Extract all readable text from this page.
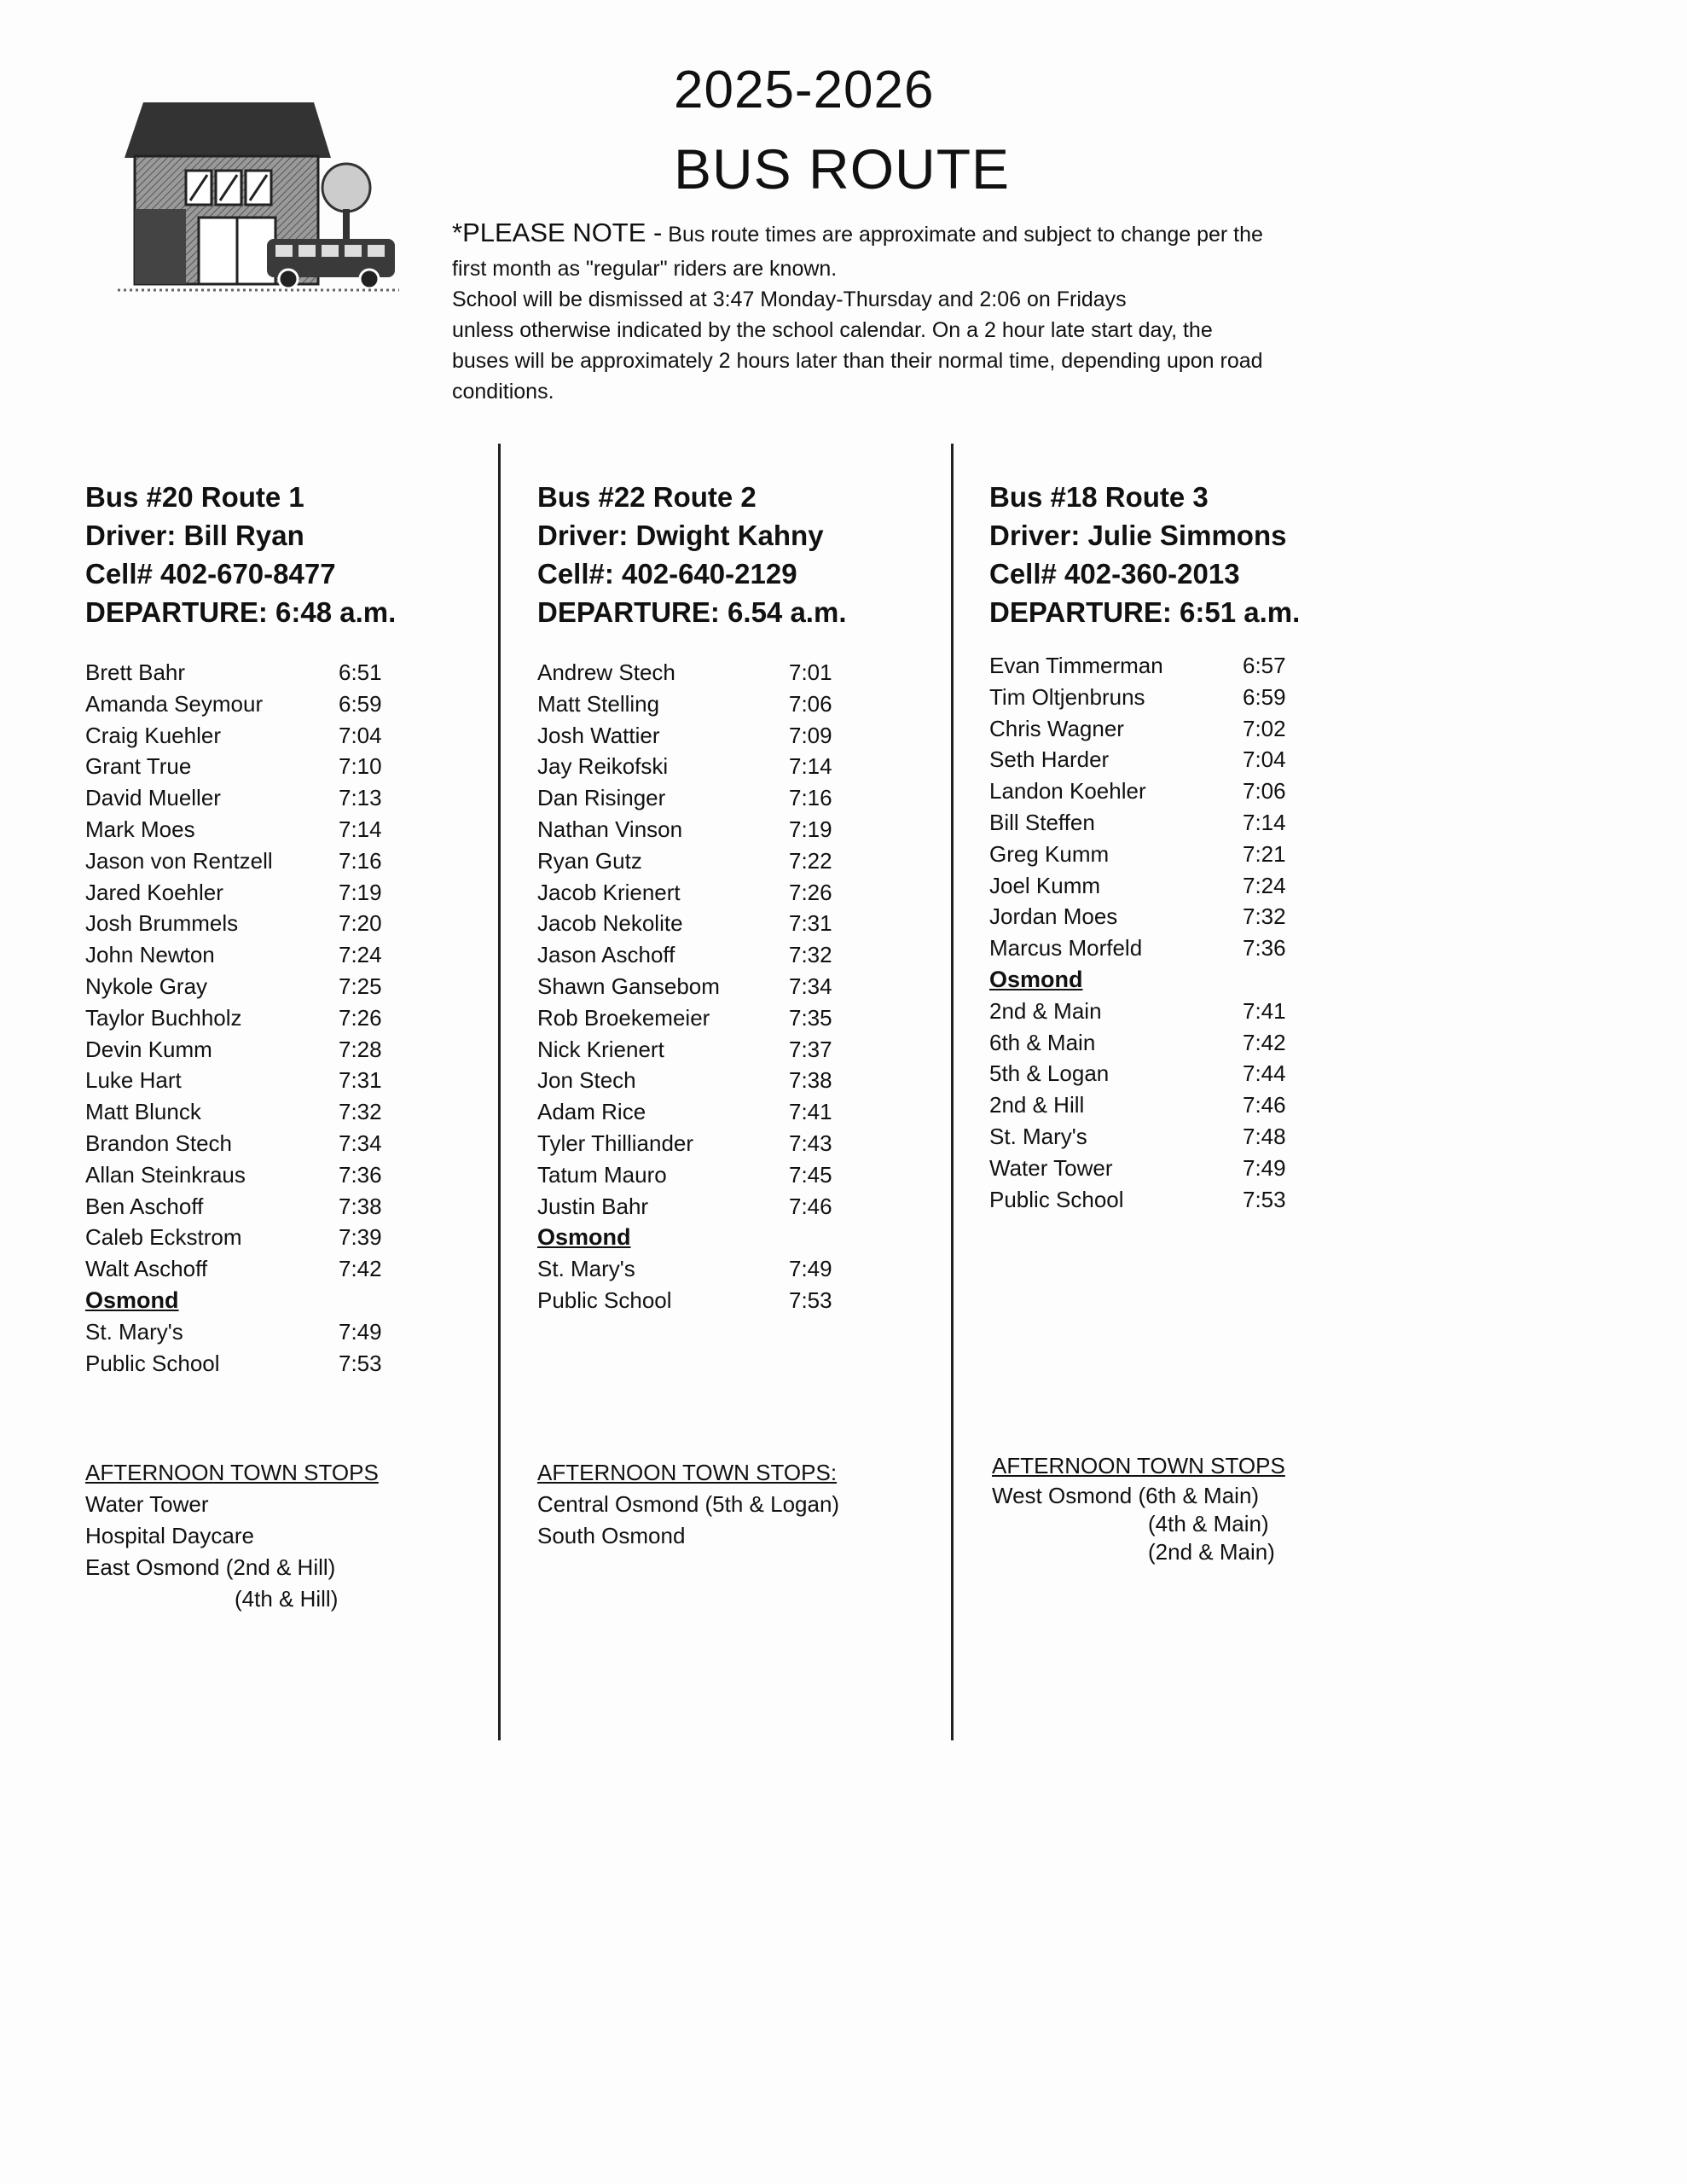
2025-2026
BUS ROUTE
*PLEASE NOTE - Bus route times are approximate and subject to change per the
first month as "regular" riders are known.
School will be dismissed at 3:47 Monday-Thursday and 2:06 on Fridays
unless otherwise indicated by the school calendar. On a 2 hour late start day, the
buses will be approximately 2 hours later than their normal time, depending upon road
conditions.
Bus #20 Route 1
Driver: Bill Ryan
Cell# 402-670-8477
DEPARTURE: 6:48 a.m.
Brett Bahr	6:51
Amanda Seymour	6:59
Craig Kuehler	7:04
Grant True	7:10
David Mueller	7:13
Mark Moes	7:14
Jason von Rentzell	7:16
Jared Koehler	7:19
Josh Brummels	7:20
John Newton	7:24
Nykole Gray	7:25
Taylor Buchholz	7:26
Devin Kumm	7:28
Luke Hart	7:31
Matt Blunck	7:32
Brandon Stech	7:34
Allan Steinkraus	7:36
Ben Aschoff	7:38
Caleb Eckstrom	7:39
Walt Aschoff	7:42
Osmond
St. Mary's	7:49
Public School	7:53
Bus #22 Route 2
Driver: Dwight Kahny
Cell#: 402-640-2129
DEPARTURE: 6.54 a.m.
Andrew Stech	7:01
Matt Stelling	7:06
Josh Wattier	7:09
Jay Reikofski	7:14
Dan Risinger	7:16
Nathan Vinson	7:19
Ryan Gutz	7:22
Jacob Krienert	7:26
Jacob Nekolite	7:31
Jason Aschoff	7:32
Shawn Gansebom	7:34
Rob Broekemeier	7:35
Nick Krienert	7:37
Jon Stech	7:38
Adam Rice	7:41
Tyler Thilliander	7:43
Tatum Mauro	7:45
Justin Bahr	7:46
Osmond
St. Mary's	7:49
Public School	7:53
Bus #18 Route 3
Driver: Julie Simmons
Cell# 402-360-2013
DEPARTURE: 6:51 a.m.
Evan Timmerman	6:57
Tim Oltjenbruns	6:59
Chris Wagner	7:02
Seth Harder	7:04
Landon Koehler	7:06
Bill Steffen	7:14
Greg Kumm	7:21
Joel Kumm	7:24
Jordan Moes	7:32
Marcus Morfeld	7:36
Osmond
2nd & Main	7:41
6th & Main	7:42
5th & Logan	7:44
2nd & Hill	7:46
St. Mary's	7:48
Water Tower	7:49
Public School	7:53
AFTERNOON TOWN STOPS
Water Tower
Hospital Daycare
East Osmond (2nd & Hill)
(4th & Hill)
AFTERNOON TOWN STOPS:
Central Osmond (5th & Logan)
South Osmond
AFTERNOON TOWN STOPS
West Osmond (6th & Main)
(4th & Main)
(2nd & Main)
